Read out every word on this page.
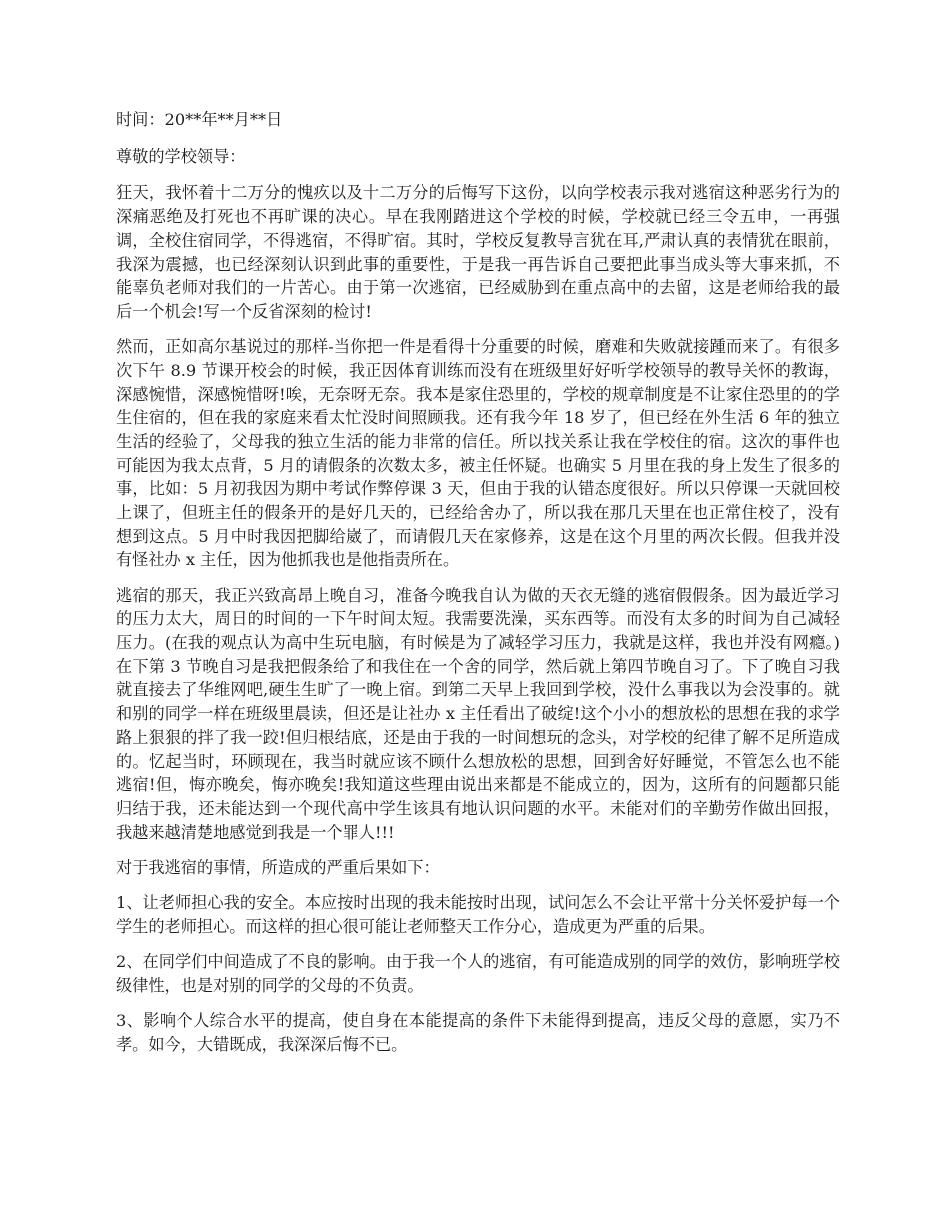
时间：20**年**月**日

尊敬的学校领导：

狂天，我怀着十二万分的愧疚以及十二万分的后悔写下这份，以向学校表示我对逃宿这种恶劣行为的深痛恶绝及打死也不再旷课的决心。早在我刚踏进这个学校的时候，学校就已经三令五申，一再强调，全校住宿同学，不得逃宿，不得旷宿。其时，学校反复教导言犹在耳,严肃认真的表情犹在眼前，我深为震撼，也已经深刻认识到此事的重要性，于是我一再告诉自己要把此事当成头等大事来抓，不能辜负老师对我们的一片苦心。由于第一次逃宿，已经威胁到在重点高中的去留，这是老师给我的最后一个机会!写一个反省深刻的检讨!

然而，正如高尔基说过的那样-当你把一件是看得十分重要的时候，磨难和失败就接踵而来了。有很多次下午 8.9 节课开校会的时候，我正因体育训练而没有在班级里好好听学校领导的教导关怀的教诲，深感惋惜，深感惋惜呀!唉，无奈呀无奈。我本是家住恐里的，学校的规章制度是不让家住恐里的的学生住宿的，但在我的家庭来看太忙没时间照顾我。还有我今年 18 岁了，但已经在外生活 6 年的独立生活的经验了，父母我的独立生活的能力非常的信任。所以找关系让我在学校住的宿。这次的事件也可能因为我太点背，5 月的请假条的次数太多，被主任怀疑。也确实 5 月里在我的身上发生了很多的事，比如：5 月初我因为期中考试作弊停课 3 天，但由于我的认错态度很好。所以只停课一天就回校上课了，但班主任的假条开的是好几天的，已经给舍办了，所以我在那几天里在也正常住校了，没有想到这点。5 月中时我因把脚给崴了，而请假几天在家修养，这是在这个月里的两次长假。但我并没有怪社办 x 主任，因为他抓我也是他指责所在。

逃宿的那天，我正兴致高昂上晚自习，准备今晚我自认为做的天衣无缝的逃宿假假条。因为最近学习的压力太大，周日的时间的一下午时间太短。我需要洗澡，买东西等。而没有太多的时间为自己减轻压力。(在我的观点认为高中生玩电脑，有时候是为了减轻学习压力，我就是这样，我也并没有网瘾。)在下第 3 节晚自习是我把假条给了和我住在一个舍的同学，然后就上第四节晚自习了。下了晚自习我就直接去了华维网吧,硬生生旷了一晚上宿。到第二天早上我回到学校，没什么事我以为会没事的。就和别的同学一样在班级里晨读，但还是让社办 x 主任看出了破绽!这个小小的想放松的思想在我的求学路上狠狠的拌了我一跤!但归根结底，还是由于我的一时间想玩的念头，对学校的纪律了解不足所造成的。忆起当时，环顾现在，我当时就应该不顾什么想放松的思想，回到舍好好睡觉，不管怎么也不能逃宿!但，悔亦晚矣，悔亦晚矣!我知道这些理由说出来都是不能成立的，因为，这所有的问题都只能归结于我，还未能达到一个现代高中学生该具有地认识问题的水平。未能对们的辛勤劳作做出回报，我越来越清楚地感觉到我是一个罪人!!!

对于我逃宿的事情，所造成的严重后果如下：

1、让老师担心我的安全。本应按时出现的我未能按时出现，试问怎么不会让平常十分关怀爱护每一个学生的老师担心。而这样的担心很可能让老师整天工作分心，造成更为严重的后果。

2、在同学们中间造成了不良的影响。由于我一个人的逃宿，有可能造成别的同学的效仿，影响班学校级律性，也是对别的同学的父母的不负责。

3、影响个人综合水平的提高，使自身在本能提高的条件下未能得到提高，违反父母的意愿，实乃不孝。如今，大错既成，我深深后悔不已。
